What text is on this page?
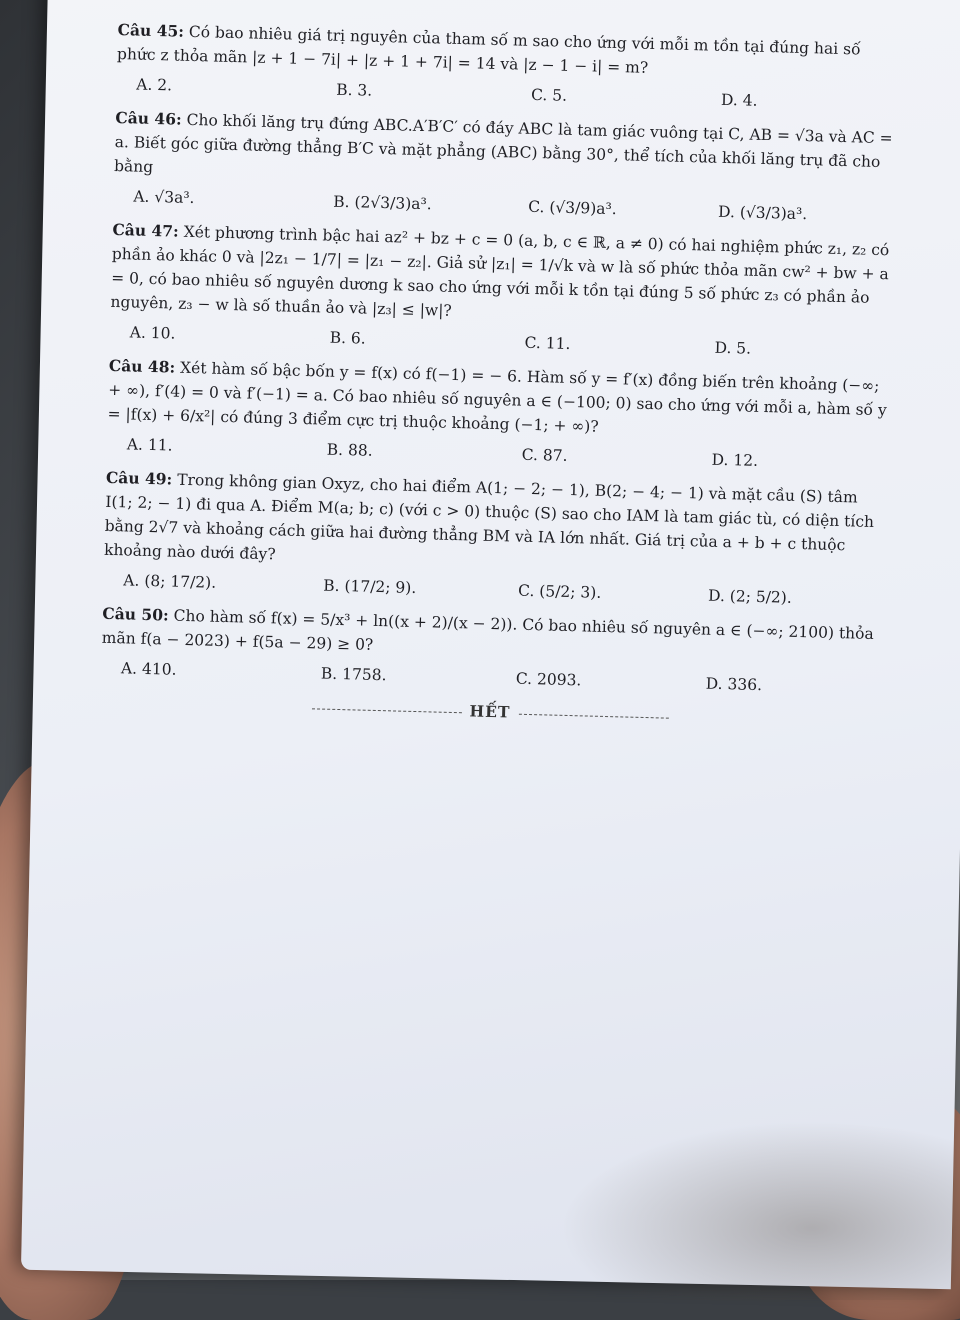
Câu 45: Có bao nhiêu giá trị nguyên của tham số m sao cho ứng với mỗi m tồn tại đúng hai số phức z thỏa mãn |z + 1 − 7i| + |z + 1 + 7i| = 14 và |z − 1 − i| = m?

A. 2.	B. 3.	C. 5.	D. 4.

Câu 46: Cho khối lăng trụ đứng ABC.A′B′C′ có đáy ABC là tam giác vuông tại C, AB = √3a và AC = a. Biết góc giữa đường thẳng B′C và mặt phẳng (ABC) bằng 30°, thể tích của khối lăng trụ đã cho bằng

A. √3a³.	B. (2√3/3)a³.	C. (√3/9)a³.	D. (√3/3)a³.

Câu 47: Xét phương trình bậc hai az² + bz + c = 0 (a, b, c ∈ ℝ, a ≠ 0) có hai nghiệm phức z₁, z₂ có phần ảo khác 0 và |2z₁ − 1/7| = |z₁ − z₂|. Giả sử |z₁| = 1/√k và w là số phức thỏa mãn cw² + bw + a = 0, có bao nhiêu số nguyên dương k sao cho ứng với mỗi k tồn tại đúng 5 số phức z₃ có phần ảo nguyên, z₃ − w là số thuần ảo và |z₃| ≤ |w|?

A. 10.	B. 6.	C. 11.	D. 5.

Câu 48: Xét hàm số bậc bốn y = f(x) có f(−1) = − 6. Hàm số y = f′(x) đồng biến trên khoảng (−∞; + ∞), f′(4) = 0 và f′(−1) = a. Có bao nhiêu số nguyên a ∈ (−100; 0) sao cho ứng với mỗi a, hàm số y = |f(x) + 6/x²| có đúng 3 điểm cực trị thuộc khoảng (−1; + ∞)?

A. 11.	B. 88.	C. 87.	D. 12.

Câu 49: Trong không gian Oxyz, cho hai điểm A(1; − 2; − 1), B(2; − 4; − 1) và mặt cầu (S) tâm I(1; 2; − 1) đi qua A. Điểm M(a; b; c) (với c > 0) thuộc (S) sao cho IAM là tam giác tù, có diện tích bằng 2√7 và khoảng cách giữa hai đường thẳng BM và IA lớn nhất. Giá trị của a + b + c thuộc khoảng nào dưới đây?

A. (8; 17/2).	B. (17/2; 9).	C. (5/2; 3).	D. (2; 5/2).

Câu 50: Cho hàm số f(x) = 5/x³ + ln((x + 2)/(x − 2)). Có bao nhiêu số nguyên a ∈ (−∞; 2100) thỏa mãn f(a − 2023) + f(5a − 29) ≥ 0?

A. 410.	B. 1758.	C. 2093.	D. 336.
HẾT
